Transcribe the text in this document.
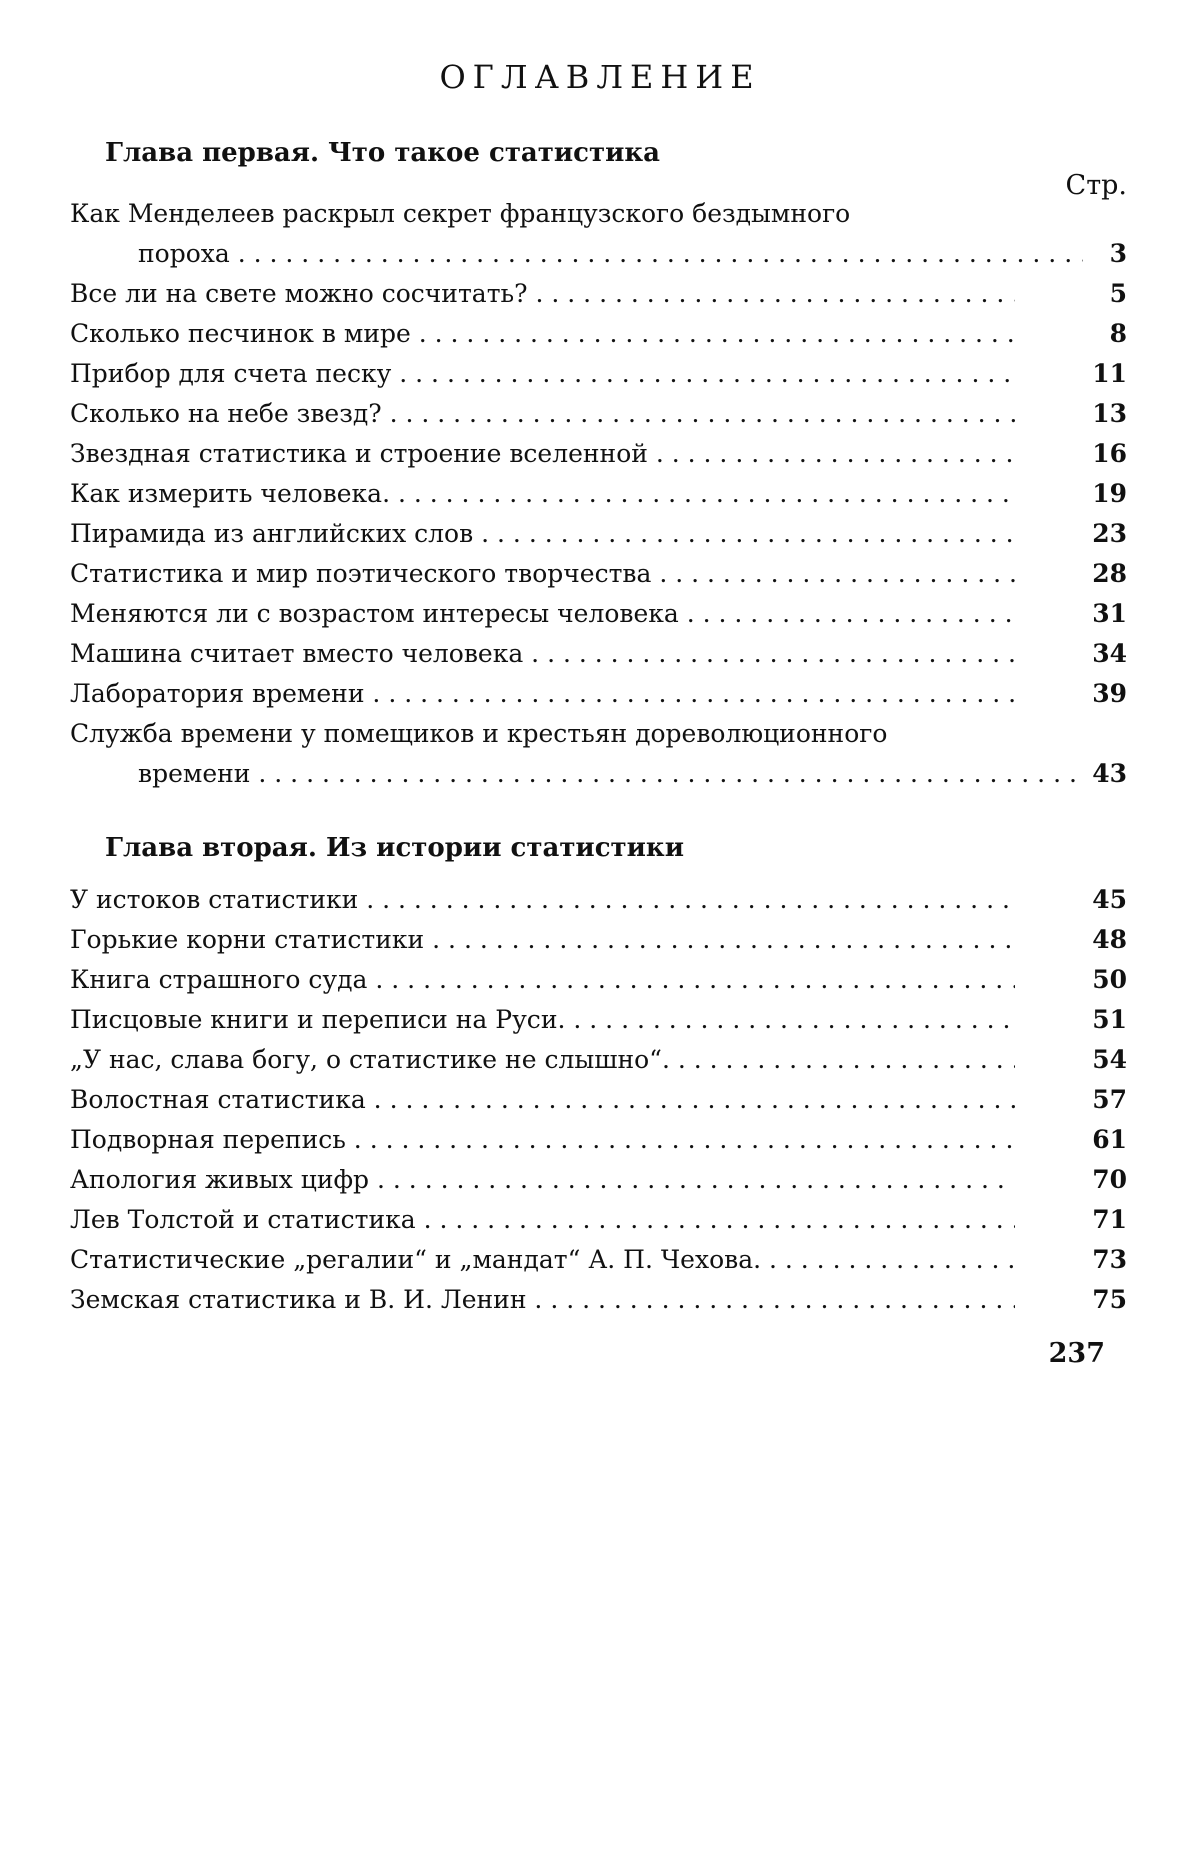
ОГЛАВЛЕНИЕ
Глава первая. Что такое статистика
Стр.
Как Менделеев раскрыл секрет французского бездымного
пороха . . .	3
Все ли на свете можно сосчитать? . . .	5
Сколько песчинок в мире . . .	8
Прибор для счета песку . . .	11
Сколько на небе звезд? . . .	13
Звездная статистика и строение вселенной . . .	16
Как измерить человека. . . .	19
Пирамида из английских слов . . .	23
Статистика и мир поэтического творчества . . .	28
Меняются ли с возрастом интересы человека . . .	31
Машина считает вместо человека . . .	34
Лаборатория времени . . .	39
Служба времени у помещиков и крестьян дореволюционного
времени . . .	43
Глава вторая. Из истории статистики
У истоков статистики . . .	45
Горькие корни статистики . . .	48
Книга страшного суда . . .	50
Писцовые книги и переписи на Руси. . . .	51
„У нас, слава богу, о статистике не слышно“. . . .	54
Волостная статистика . . .	57
Подворная перепись . . .	61
Апология живых цифр . . .	70
Лев Толстой и статистика . . .	71
Статистические „регалии“ и „мандат“ А. П. Чехова. . . .	73
Земская статистика и В. И. Ленин . . .	75
237
